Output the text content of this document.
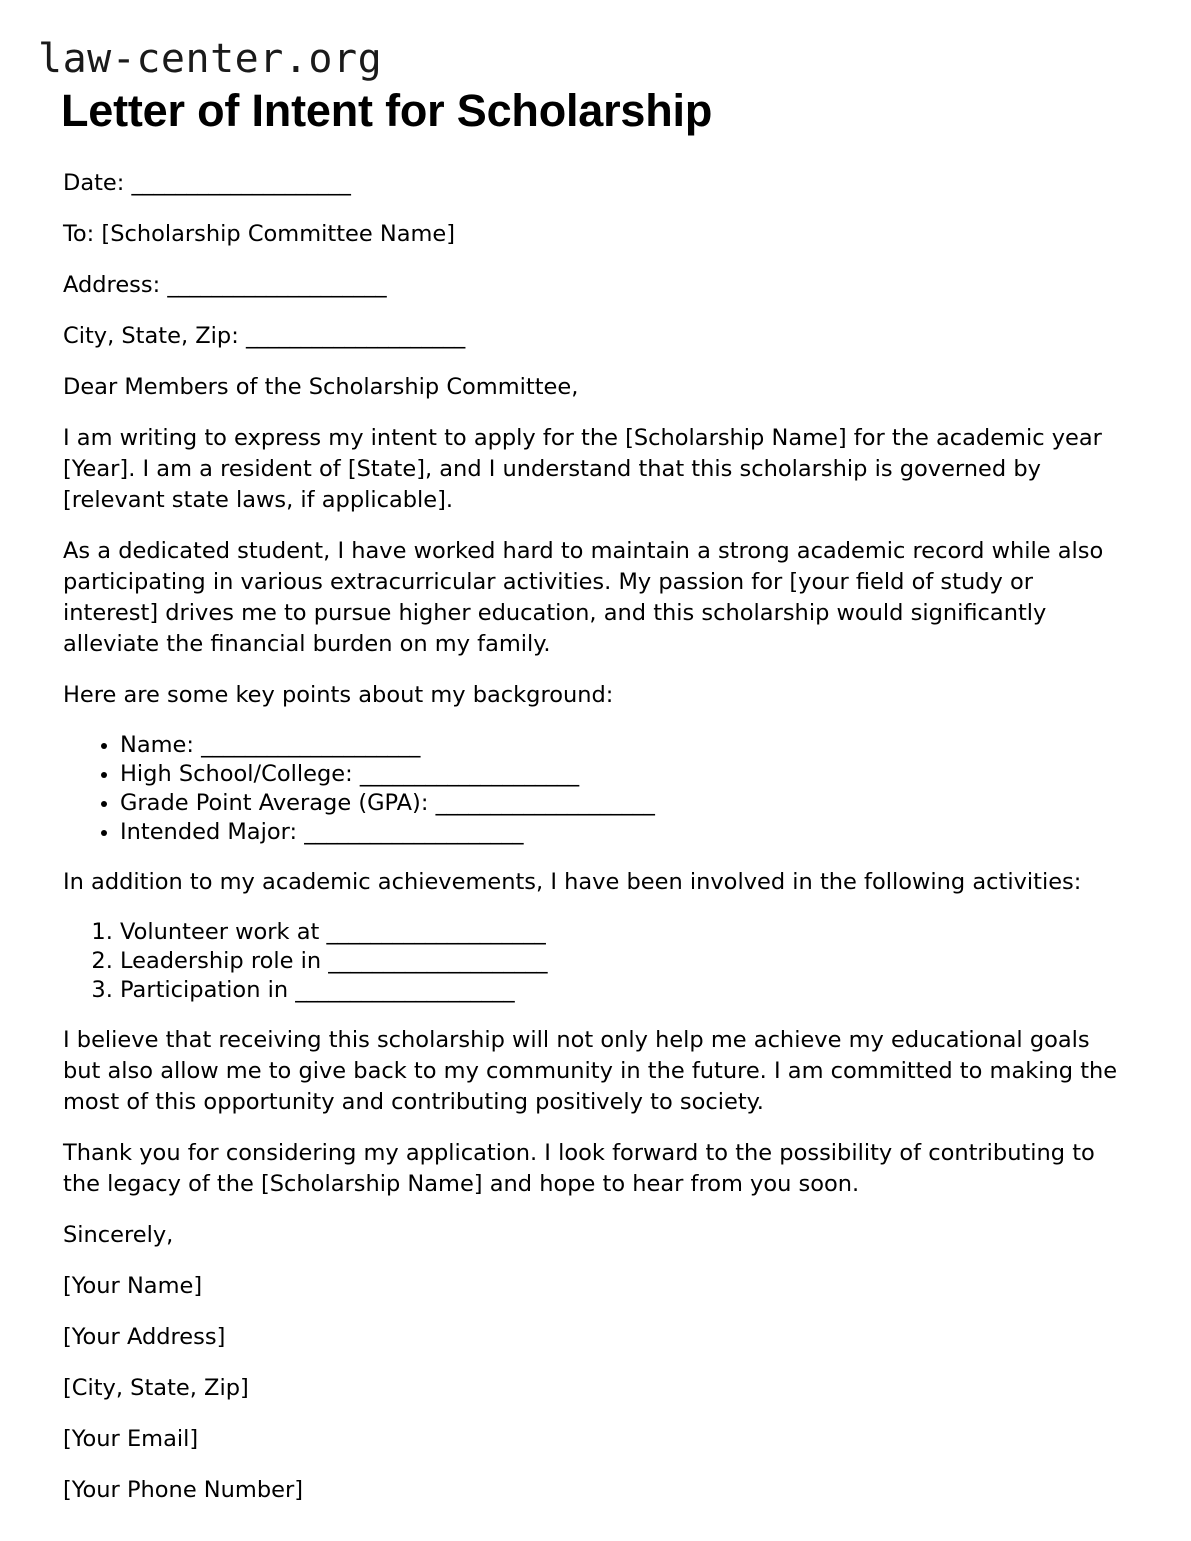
law-center.org
Letter of Intent for Scholarship
Date: ____________________
To: [Scholarship Committee Name]
Address: ____________________
City, State, Zip: ____________________

Dear Members of the Scholarship Committee,

I am writing to express my intent to apply for the [Scholarship Name] for the academic year [Year]. I am a resident of [State], and I understand that this scholarship is governed by [relevant state laws, if applicable].

As a dedicated student, I have worked hard to maintain a strong academic record while also participating in various extracurricular activities. My passion for [your field of study or interest] drives me to pursue higher education, and this scholarship would significantly alleviate the financial burden on my family.

Here are some key points about my background:

• Name: ____________________
• High School/College: ____________________
• Grade Point Average (GPA): ____________________
• Intended Major: ____________________

In addition to my academic achievements, I have been involved in the following activities:

1. Volunteer work at ____________________
2. Leadership role in ____________________
3. Participation in ____________________

I believe that receiving this scholarship will not only help me achieve my educational goals but also allow me to give back to my community in the future. I am committed to making the most of this opportunity and contributing positively to society.

Thank you for considering my application. I look forward to the possibility of contributing to the legacy of the [Scholarship Name] and hope to hear from you soon.

Sincerely,
[Your Name]
[Your Address]
[City, State, Zip]
[Your Email]
[Your Phone Number]
